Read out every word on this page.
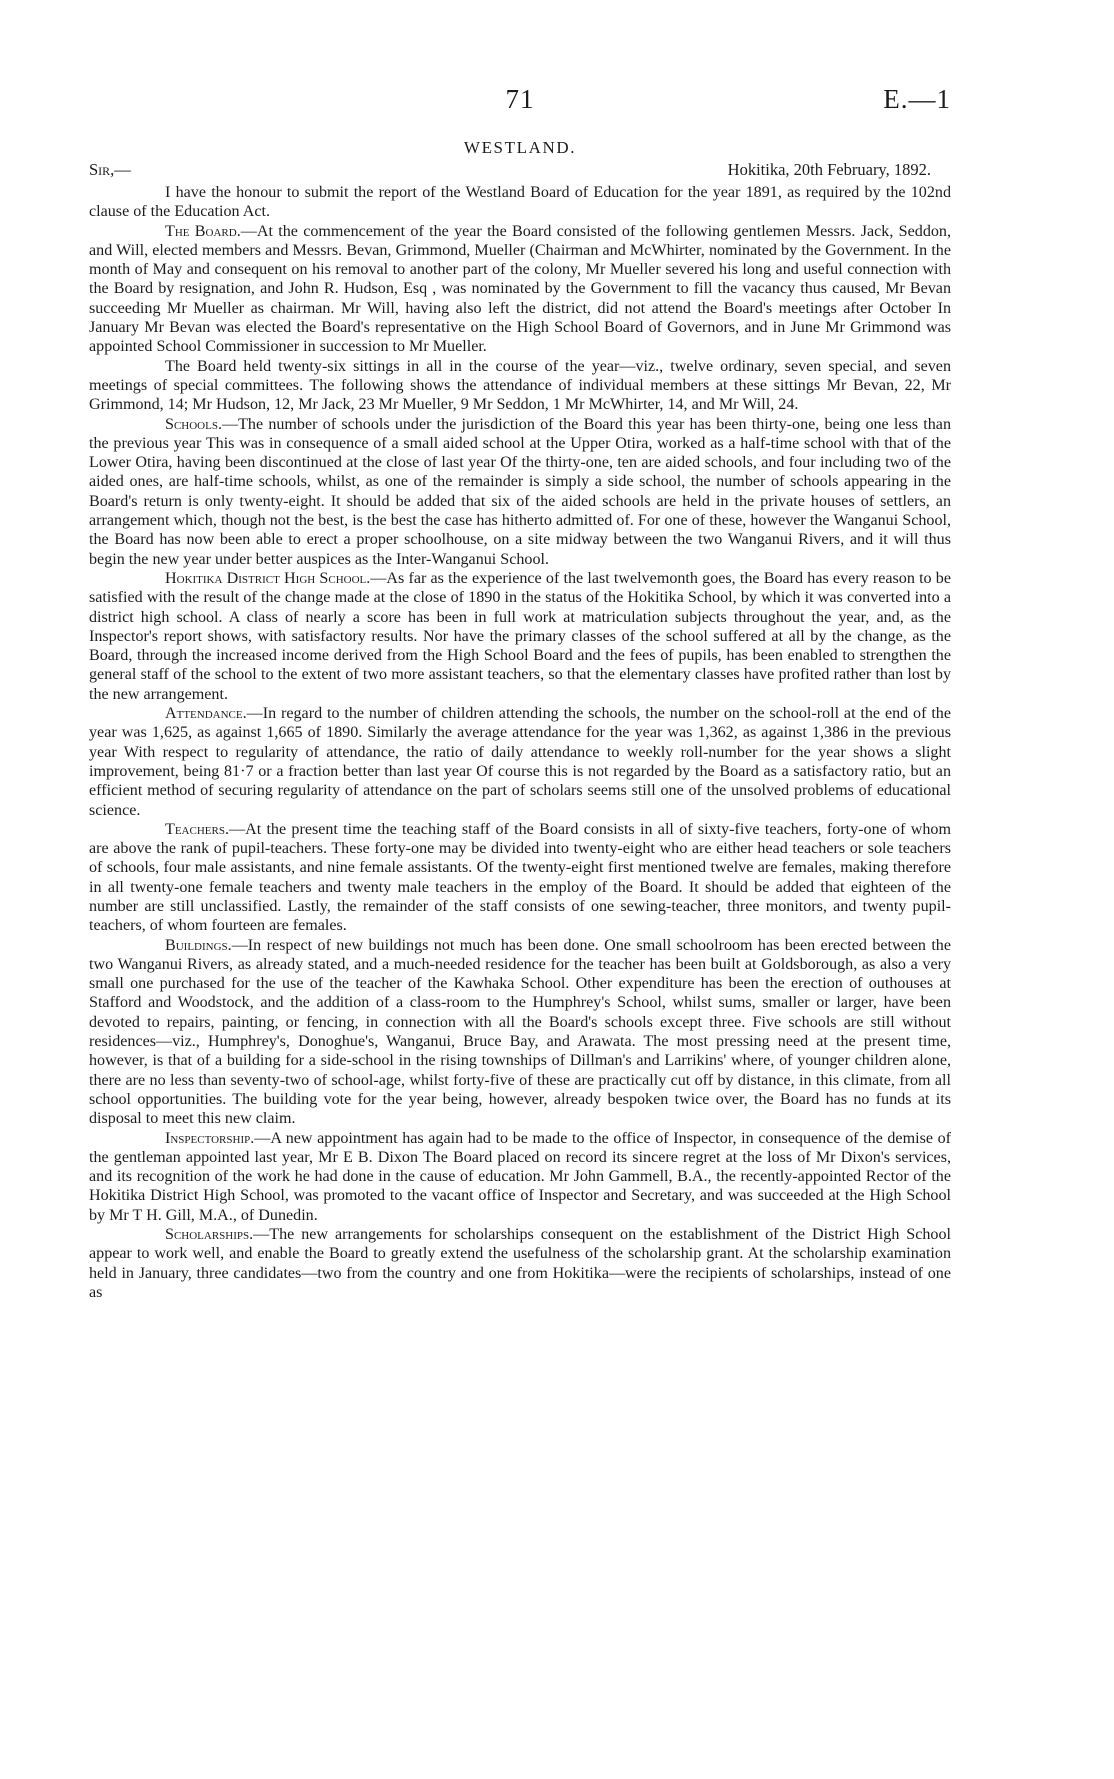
71	E.—1
WESTLAND.
Sir,—	Hokitika, 20th February, 1892.

I have the honour to submit the report of the Westland Board of Education for the year 1891, as required by the 102nd clause of the Education Act.

The Board.—At the commencement of the year the Board consisted of the following gentlemen Messrs. Jack, Seddon, and Will, elected members and Messrs. Bevan, Grimmond, Mueller (Chairman and McWhirter, nominated by the Government. In the month of May and consequent on his removal to another part of the colony, Mr Mueller severed his long and useful connection with the Board by resignation, and John R. Hudson, Esq , was nominated by the Government to fill the vacancy thus caused, Mr Bevan succeeding Mr Mueller as chairman. Mr Will, having also left the district, did not attend the Board's meetings after October In January Mr Bevan was elected the Board's representative on the High School Board of Governors, and in June Mr Grimmond was appointed School Commissioner in succession to Mr Mueller.

The Board held twenty-six sittings in all in the course of the year—viz., twelve ordinary, seven special, and seven meetings of special committees. The following shows the attendance of individual members at these sittings Mr Bevan, 22, Mr Grimmond, 14; Mr Hudson, 12, Mr Jack, 23 Mr Mueller, 9 Mr Seddon, 1 Mr McWhirter, 14, and Mr Will, 24.

Schools.—The number of schools under the jurisdiction of the Board this year has been thirty-one, being one less than the previous year This was in consequence of a small aided school at the Upper Otira, worked as a half-time school with that of the Lower Otira, having been discontinued at the close of last year Of the thirty-one, ten are aided schools, and four including two of the aided ones, are half-time schools, whilst, as one of the remainder is simply a side school, the number of schools appearing in the Board's return is only twenty-eight. It should be added that six of the aided schools are held in the private houses of settlers, an arrangement which, though not the best, is the best the case has hitherto admitted of. For one of these, however the Wanganui School, the Board has now been able to erect a proper schoolhouse, on a site midway between the two Wanganui Rivers, and it will thus begin the new year under better auspices as the Inter-Wanganui School.

Hokitika District High School.—As far as the experience of the last twelvemonth goes, the Board has every reason to be satisfied with the result of the change made at the close of 1890 in the status of the Hokitika School, by which it was converted into a district high school. A class of nearly a score has been in full work at matriculation subjects throughout the year, and, as the Inspector's report shows, with satisfactory results. Nor have the primary classes of the school suffered at all by the change, as the Board, through the increased income derived from the High School Board and the fees of pupils, has been enabled to strengthen the general staff of the school to the extent of two more assistant teachers, so that the elementary classes have profited rather than lost by the new arrangement.

Attendance.—In regard to the number of children attending the schools, the number on the school-roll at the end of the year was 1,625, as against 1,665 of 1890. Similarly the average attendance for the year was 1,362, as against 1,386 in the previous year With respect to regularity of attendance, the ratio of daily attendance to weekly roll-number for the year shows a slight improvement, being 81·7 or a fraction better than last year Of course this is not regarded by the Board as a satisfactory ratio, but an efficient method of securing regularity of attendance on the part of scholars seems still one of the unsolved problems of educational science.

Teachers.—At the present time the teaching staff of the Board consists in all of sixty-five teachers, forty-one of whom are above the rank of pupil-teachers. These forty-one may be divided into twenty-eight who are either head teachers or sole teachers of schools, four male assistants, and nine female assistants. Of the twenty-eight first mentioned twelve are females, making therefore in all twenty-one female teachers and twenty male teachers in the employ of the Board. It should be added that eighteen of the number are still unclassified. Lastly, the remainder of the staff consists of one sewing-teacher, three monitors, and twenty pupil-teachers, of whom fourteen are females.

Buildings.—In respect of new buildings not much has been done. One small schoolroom has been erected between the two Wanganui Rivers, as already stated, and a much-needed residence for the teacher has been built at Goldsborough, as also a very small one purchased for the use of the teacher of the Kawhaka School. Other expenditure has been the erection of outhouses at Stafford and Woodstock, and the addition of a class-room to the Humphrey's School, whilst sums, smaller or larger, have been devoted to repairs, painting, or fencing, in connection with all the Board's schools except three. Five schools are still without residences—viz., Humphrey's, Donoghue's, Wanganui, Bruce Bay, and Arawata. The most pressing need at the present time, however, is that of a building for a side-school in the rising townships of Dillman's and Larrikins' where, of younger children alone, there are no less than seventy-two of school-age, whilst forty-five of these are practically cut off by distance, in this climate, from all school opportunities. The building vote for the year being, however, already bespoken twice over, the Board has no funds at its disposal to meet this new claim.

Inspectorship.—A new appointment has again had to be made to the office of Inspector, in consequence of the demise of the gentleman appointed last year, Mr E B. Dixon The Board placed on record its sincere regret at the loss of Mr Dixon's services, and its recognition of the work he had done in the cause of education. Mr John Gammell, B.A., the recently-appointed Rector of the Hokitika District High School, was promoted to the vacant office of Inspector and Secretary, and was succeeded at the High School by Mr T H. Gill, M.A., of Dunedin.

Scholarships.—The new arrangements for scholarships consequent on the establishment of the District High School appear to work well, and enable the Board to greatly extend the usefulness of the scholarship grant. At the scholarship examination held in January, three candidates—two from the country and one from Hokitika—were the recipients of scholarships, instead of one as
